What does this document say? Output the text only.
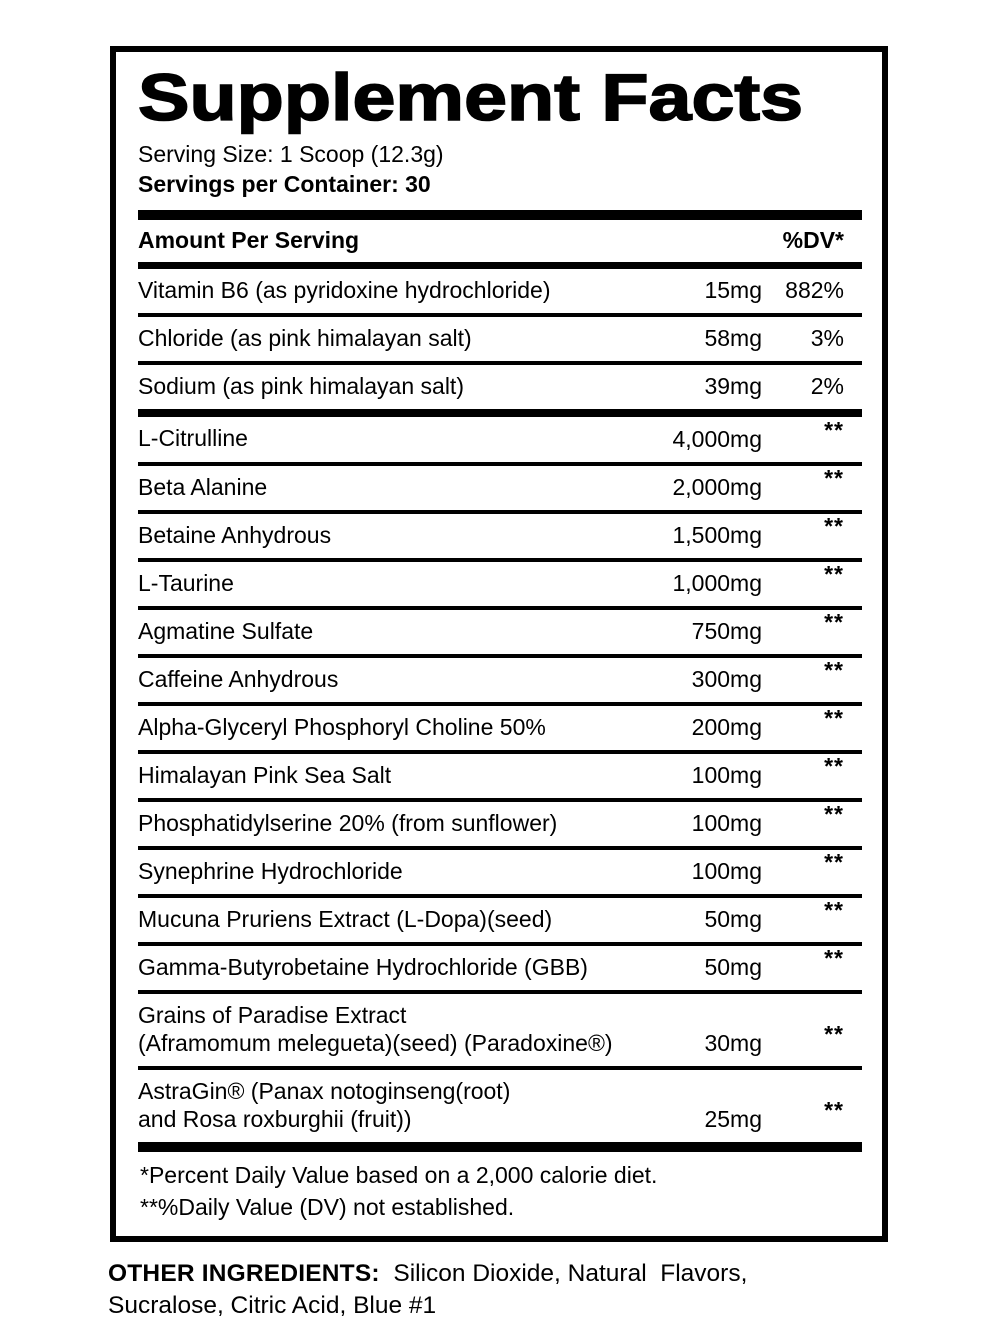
Supplement Facts
Serving Size: 1 Scoop (12.3g)
Servings per Container: 30
Amount Per Serving	%DV*
Vitamin B6 (as pyridoxine hydrochloride)	15mg	882%
Chloride (as pink himalayan salt)	58mg	3%
Sodium (as pink himalayan salt)	39mg	2%
L-Citrulline	4,000mg	**
Beta Alanine	2,000mg	**
Betaine Anhydrous	1,500mg	**
L-Taurine	1,000mg	**
Agmatine Sulfate	750mg	**
Caffeine Anhydrous	300mg	**
Alpha-Glyceryl Phosphoryl Choline 50%	200mg	**
Himalayan Pink Sea Salt	100mg	**
Phosphatidylserine 20% (from sunflower)	100mg	**
Synephrine Hydrochloride	100mg	**
Mucuna Pruriens Extract (L-Dopa)(seed)	50mg	**
Gamma-Butyrobetaine Hydrochloride (GBB)	50mg	**
Grains of Paradise Extract
(Aframomum melegueta)(seed) (Paradoxine®)	30mg	**
AstraGin® (Panax notoginseng(root)
and Rosa roxburghii (fruit))	25mg	**
*Percent Daily Value based on a 2,000 calorie diet.
**%Daily Value (DV) not established.
OTHER INGREDIENTS: Silicon Dioxide, Natural  Flavors, Sucralose, Citric Acid, Blue #1
